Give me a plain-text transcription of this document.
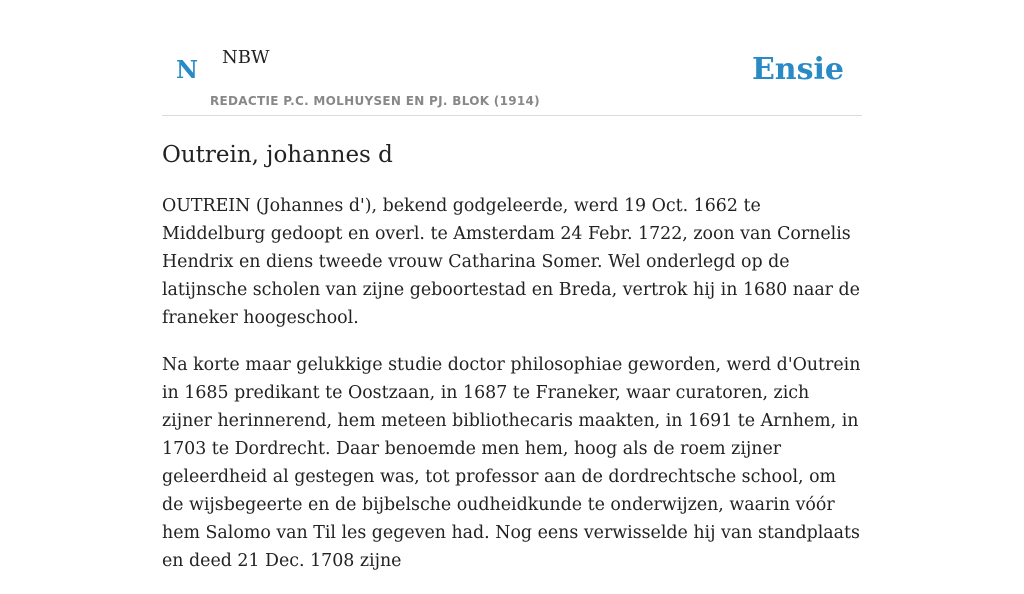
N NBW
REDACTIE P.C. MOLHUYSEN EN PJ. BLOK (1914)
Ensie
Outrein, johannes d

OUTREIN (Johannes d'), bekend godgeleerde, werd 19 Oct. 1662 te Middelburg gedoopt en overl. te Amsterdam 24 Febr. 1722, zoon van Cornelis Hendrix en diens tweede vrouw Catharina Somer. Wel onderlegd op de latijnsche scholen van zijne geboortestad en Breda, vertrok hij in 1680 naar de franeker hoogeschool.

Na korte maar gelukkige studie doctor philosophiae geworden, werd d'Outrein in 1685 predikant te Oostzaan, in 1687 te Franeker, waar curatoren, zich zijner herinnerend, hem meteen bibliothecaris maakten, in 1691 te Arnhem, in 1703 te Dordrecht. Daar benoemde men hem, hoog als de roem zijner geleerdheid al gestegen was, tot professor aan de dordrechtsche school, om de wijsbegeerte en de bijbelsche oudheidkunde te onderwijzen, waarin vóór hem Salomo van Til les gegeven had. Nog eens verwisselde hij van standplaats en deed 21 Dec. 1708 zijne
